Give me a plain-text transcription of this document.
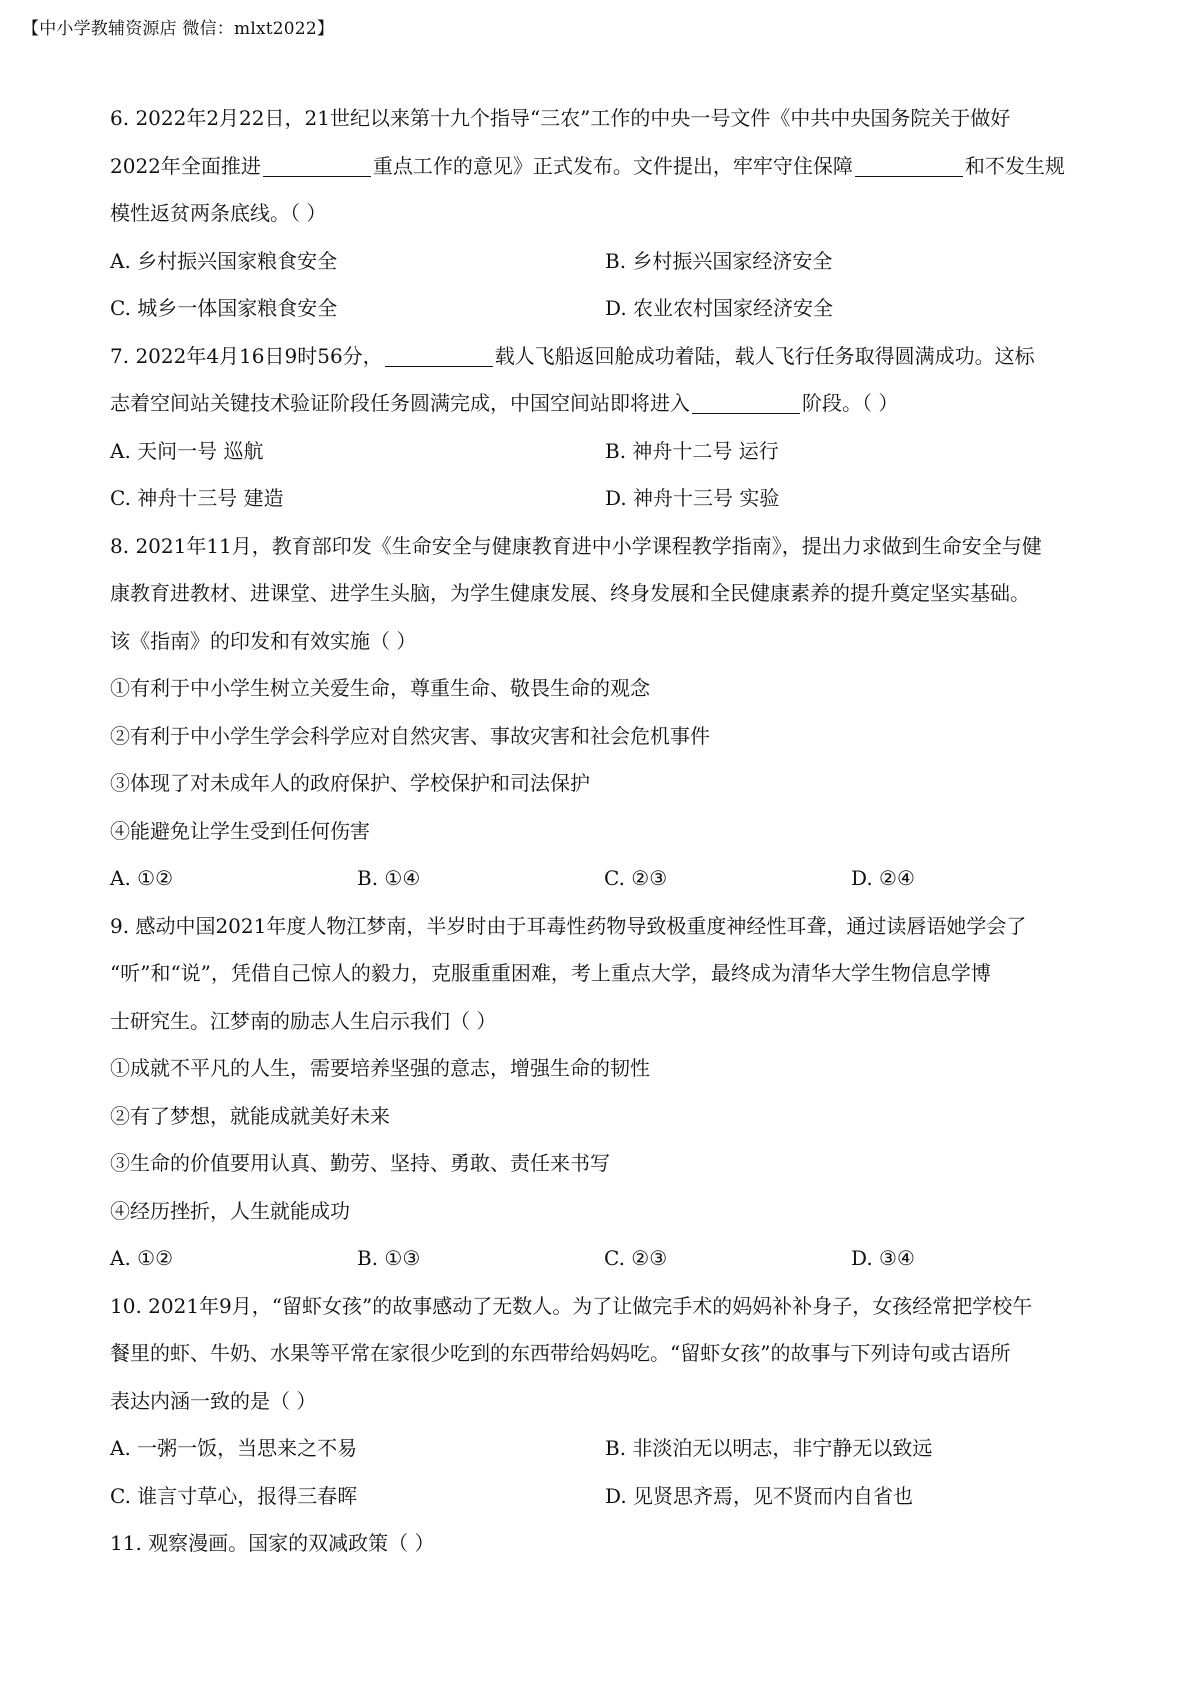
【中小学教辅资源店 微信：mlxt2022】
6. 2022年2月22日，21世纪以来第十九个指导“三农”工作的中央一号文件《中共中央国务院关于做好
2022年全面推进	重点工作的意见》正式发布。文件提出，牢牢守住保障	和不发生规
模性返贫两条底线。（ ）
A. 乡村振兴国家粮食安全	B. 乡村振兴国家经济安全
C. 城乡一体国家粮食安全	D. 农业农村国家经济安全
7. 2022年4月16日9时56分，	载人飞船返回舱成功着陆，载人飞行任务取得圆满成功。这标
志着空间站关键技术验证阶段任务圆满完成，中国空间站即将进入	阶段。（ ）
A. 天问一号 巡航	B. 神舟十二号 运行
C. 神舟十三号 建造	D. 神舟十三号 实验
8. 2021年11月，教育部印发《生命安全与健康教育进中小学课程教学指南》，提出力求做到生命安全与健
康教育进教材、进课堂、进学生头脑，为学生健康发展、终身发展和全民健康素养的提升奠定坚实基础。
该《指南》的印发和有效实施（ ）
①有利于中小学生树立关爱生命，尊重生命、敬畏生命的观念
②有利于中小学生学会科学应对自然灾害、事故灾害和社会危机事件
③体现了对未成年人的政府保护、学校保护和司法保护
④能避免让学生受到任何伤害
A. ①②	B. ①④	C. ②③	D. ②④
9. 感动中国2021年度人物江梦南，半岁时由于耳毒性药物导致极重度神经性耳聋，通过读唇语她学会了
“听”和“说”，凭借自己惊人的毅力，克服重重困难，考上重点大学，最终成为清华大学生物信息学博
士研究生。江梦南的励志人生启示我们（ ）
①成就不平凡的人生，需要培养坚强的意志，增强生命的韧性
②有了梦想，就能成就美好未来
③生命的价值要用认真、勤劳、坚持、勇敢、责任来书写
④经历挫折，人生就能成功
A. ①②	B. ①③	C. ②③	D. ③④
10. 2021年9月，“留虾女孩”的故事感动了无数人。为了让做完手术的妈妈补补身子，女孩经常把学校午
餐里的虾、牛奶、水果等平常在家很少吃到的东西带给妈妈吃。“留虾女孩”的故事与下列诗句或古语所
表达内涵一致的是（ ）
A. 一粥一饭，当思来之不易	B. 非淡泊无以明志，非宁静无以致远
C. 谁言寸草心，报得三春晖	D. 见贤思齐焉，见不贤而内自省也
11. 观察漫画。国家的双减政策（ ）
